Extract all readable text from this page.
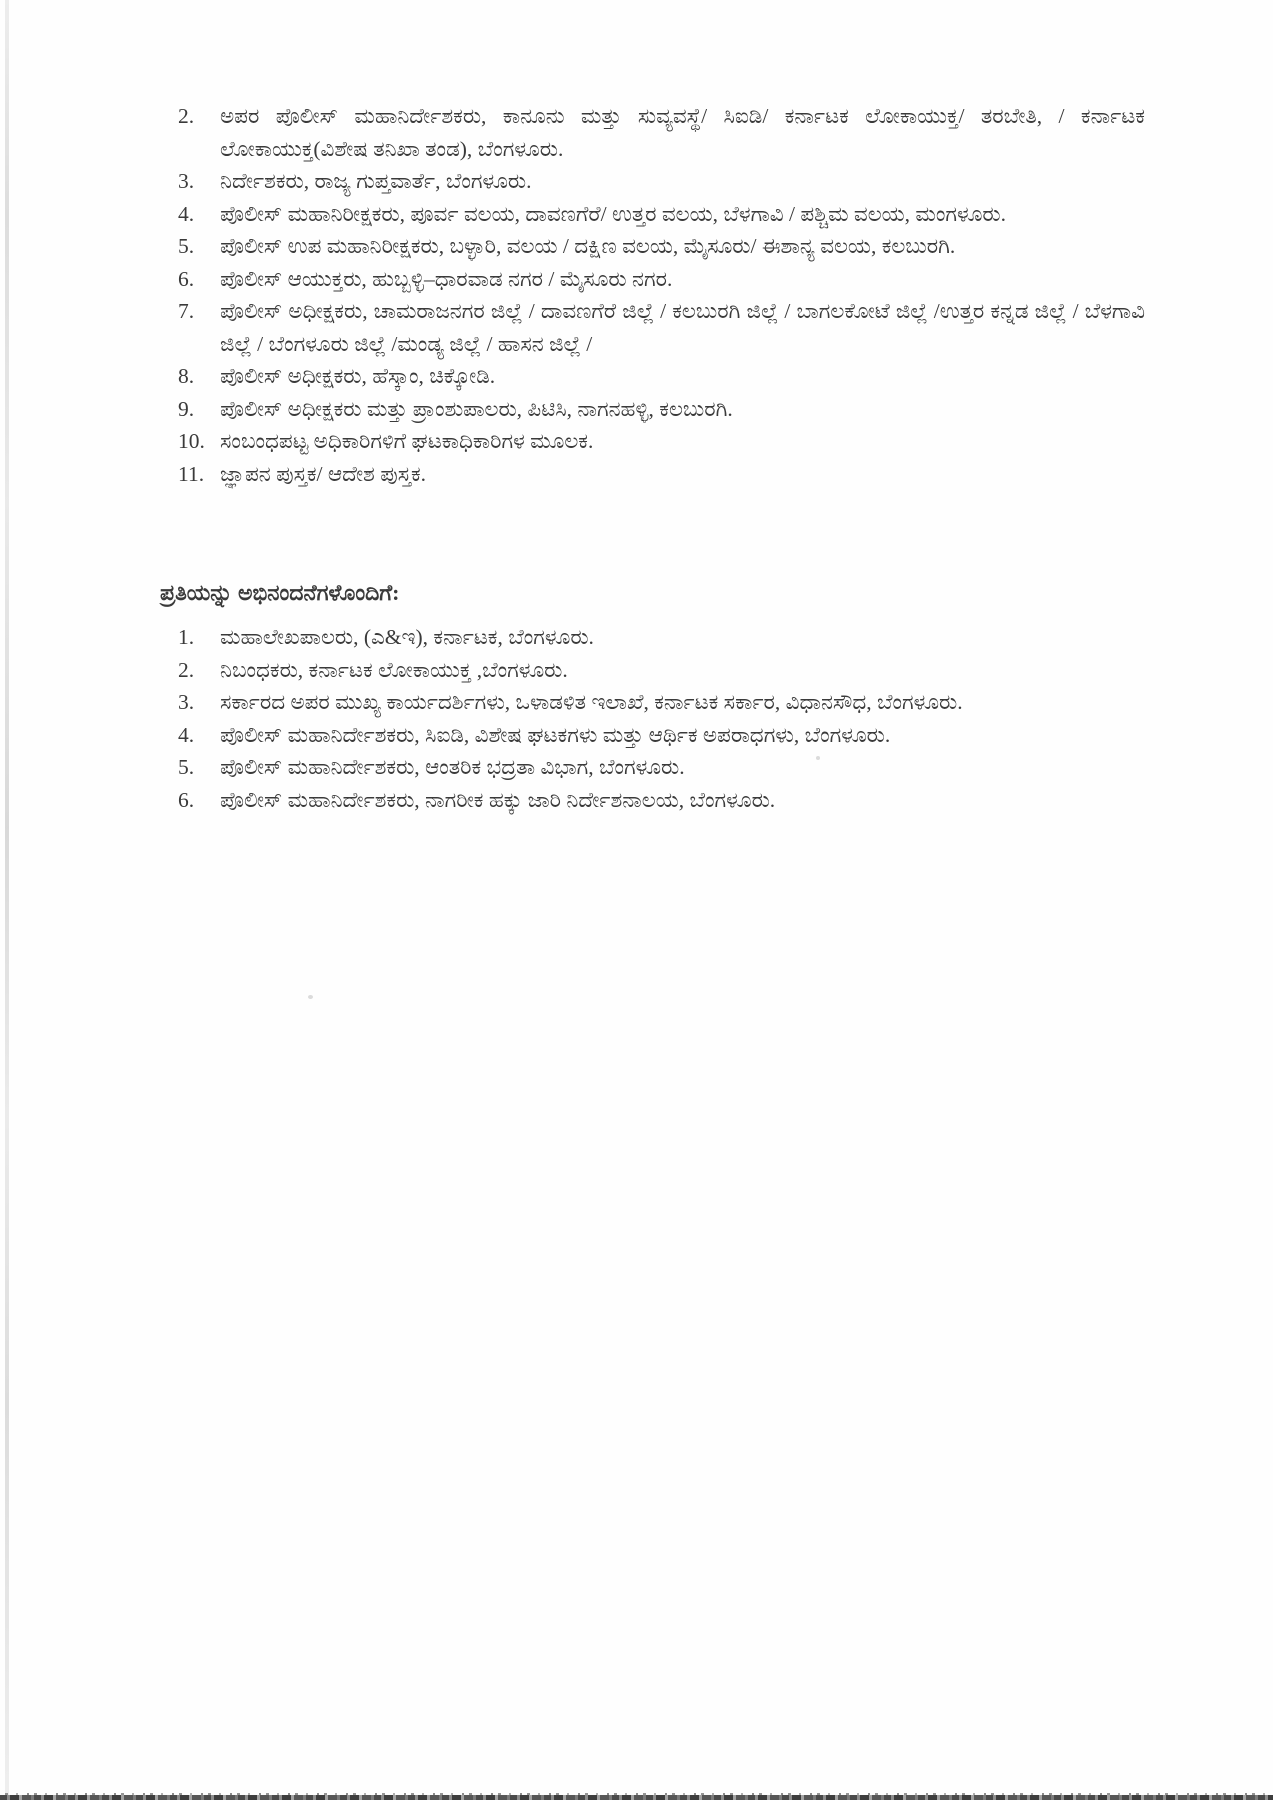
2.	ಅಪರ ಪೊಲೀಸ್ ಮಹಾನಿರ್ದೇಶಕರು, ಕಾನೂನು ಮತ್ತು ಸುವ್ಯವಸ್ಥೆ/ ಸಿಐಡಿ/ ಕರ್ನಾಟಕ ಲೋಕಾಯುಕ್ತ/ ತರಬೇತಿ, / ಕರ್ನಾಟಕ ಲೋಕಾಯುಕ್ತ(ವಿಶೇಷ ತನಿಖಾ ತಂಡ), ಬೆಂಗಳೂರು.
3.	ನಿರ್ದೇಶಕರು, ರಾಜ್ಯ ಗುಪ್ತವಾರ್ತೆ, ಬೆಂಗಳೂರು.
4.	ಪೊಲೀಸ್ ಮಹಾನಿರೀಕ್ಷಕರು, ಪೂರ್ವ ವಲಯ, ದಾವಣಗೆರೆ/ ಉತ್ತರ ವಲಯ, ಬೆಳಗಾವಿ / ಪಶ್ಚಿಮ ವಲಯ, ಮಂಗಳೂರು.
5.	ಪೊಲೀಸ್ ಉಪ ಮಹಾನಿರೀಕ್ಷಕರು, ಬಳ್ಳಾರಿ, ವಲಯ / ದಕ್ಷಿಣ ವಲಯ, ಮೈಸೂರು/ ಈಶಾನ್ಯ ವಲಯ, ಕಲಬುರಗಿ.
6.	ಪೊಲೀಸ್ ಆಯುಕ್ತರು, ಹುಬ್ಬಳ್ಳಿ–ಧಾರವಾಡ ನಗರ / ಮೈಸೂರು ನಗರ.
7.	ಪೊಲೀಸ್ ಅಧೀಕ್ಷಕರು, ಚಾಮರಾಜನಗರ ಜಿಲ್ಲೆ / ದಾವಣಗೆರೆ ಜಿಲ್ಲೆ / ಕಲಬುರಗಿ ಜಿಲ್ಲೆ / ಬಾಗಲಕೋಟೆ ಜಿಲ್ಲೆ /ಉತ್ತರ ಕನ್ನಡ ಜಿಲ್ಲೆ / ಬೆಳಗಾವಿ ಜಿಲ್ಲೆ / ಬೆಂಗಳೂರು ಜಿಲ್ಲೆ /ಮಂಡ್ಯ ಜಿಲ್ಲೆ / ಹಾಸನ ಜಿಲ್ಲೆ /
8.	ಪೊಲೀಸ್ ಅಧೀಕ್ಷಕರು, ಹೆಸ್ಕಾಂ, ಚಿಕ್ಕೋಡಿ.
9.	ಪೊಲೀಸ್ ಅಧೀಕ್ಷಕರು ಮತ್ತು ಪ್ರಾಂಶುಪಾಲರು, ಪಿಟಿಸಿ, ನಾಗನಹಳ್ಳಿ, ಕಲಬುರಗಿ.
10. ಸಂಬಂಧಪಟ್ಟ ಅಧಿಕಾರಿಗಳಿಗೆ ಘಟಕಾಧಿಕಾರಿಗಳ ಮೂಲಕ.
11. ಜ್ಞಾಪನ ಪುಸ್ತಕ/ ಆದೇಶ ಪುಸ್ತಕ.

ಪ್ರತಿಯನ್ನು ಅಭಿನಂದನೆಗಳೊಂದಿಗೆ:

1.	ಮಹಾಲೇಖಪಾಲರು, (ಎ&ಇ), ಕರ್ನಾಟಕ, ಬೆಂಗಳೂರು.
2.	ನಿಬಂಧಕರು, ಕರ್ನಾಟಕ ಲೋಕಾಯುಕ್ತ ,ಬೆಂಗಳೂರು.
3.	ಸರ್ಕಾರದ ಅಪರ ಮುಖ್ಯ ಕಾರ್ಯದರ್ಶಿಗಳು, ಒಳಾಡಳಿತ ಇಲಾಖೆ, ಕರ್ನಾಟಕ ಸರ್ಕಾರ, ವಿಧಾನಸೌಧ, ಬೆಂಗಳೂರು.
4.	ಪೊಲೀಸ್ ಮಹಾನಿರ್ದೇಶಕರು, ಸಿಐಡಿ, ವಿಶೇಷ ಘಟಕಗಳು ಮತ್ತು ಆರ್ಥಿಕ ಅಪರಾಧಗಳು, ಬೆಂಗಳೂರು.
5.	ಪೊಲೀಸ್ ಮಹಾನಿರ್ದೇಶಕರು, ಆಂತರಿಕ ಭದ್ರತಾ ವಿಭಾಗ, ಬೆಂಗಳೂರು.
6.	ಪೊಲೀಸ್ ಮಹಾನಿರ್ದೇಶಕರು, ನಾಗರೀಕ ಹಕ್ಕು ಜಾರಿ ನಿರ್ದೇಶನಾಲಯ, ಬೆಂಗಳೂರು.
